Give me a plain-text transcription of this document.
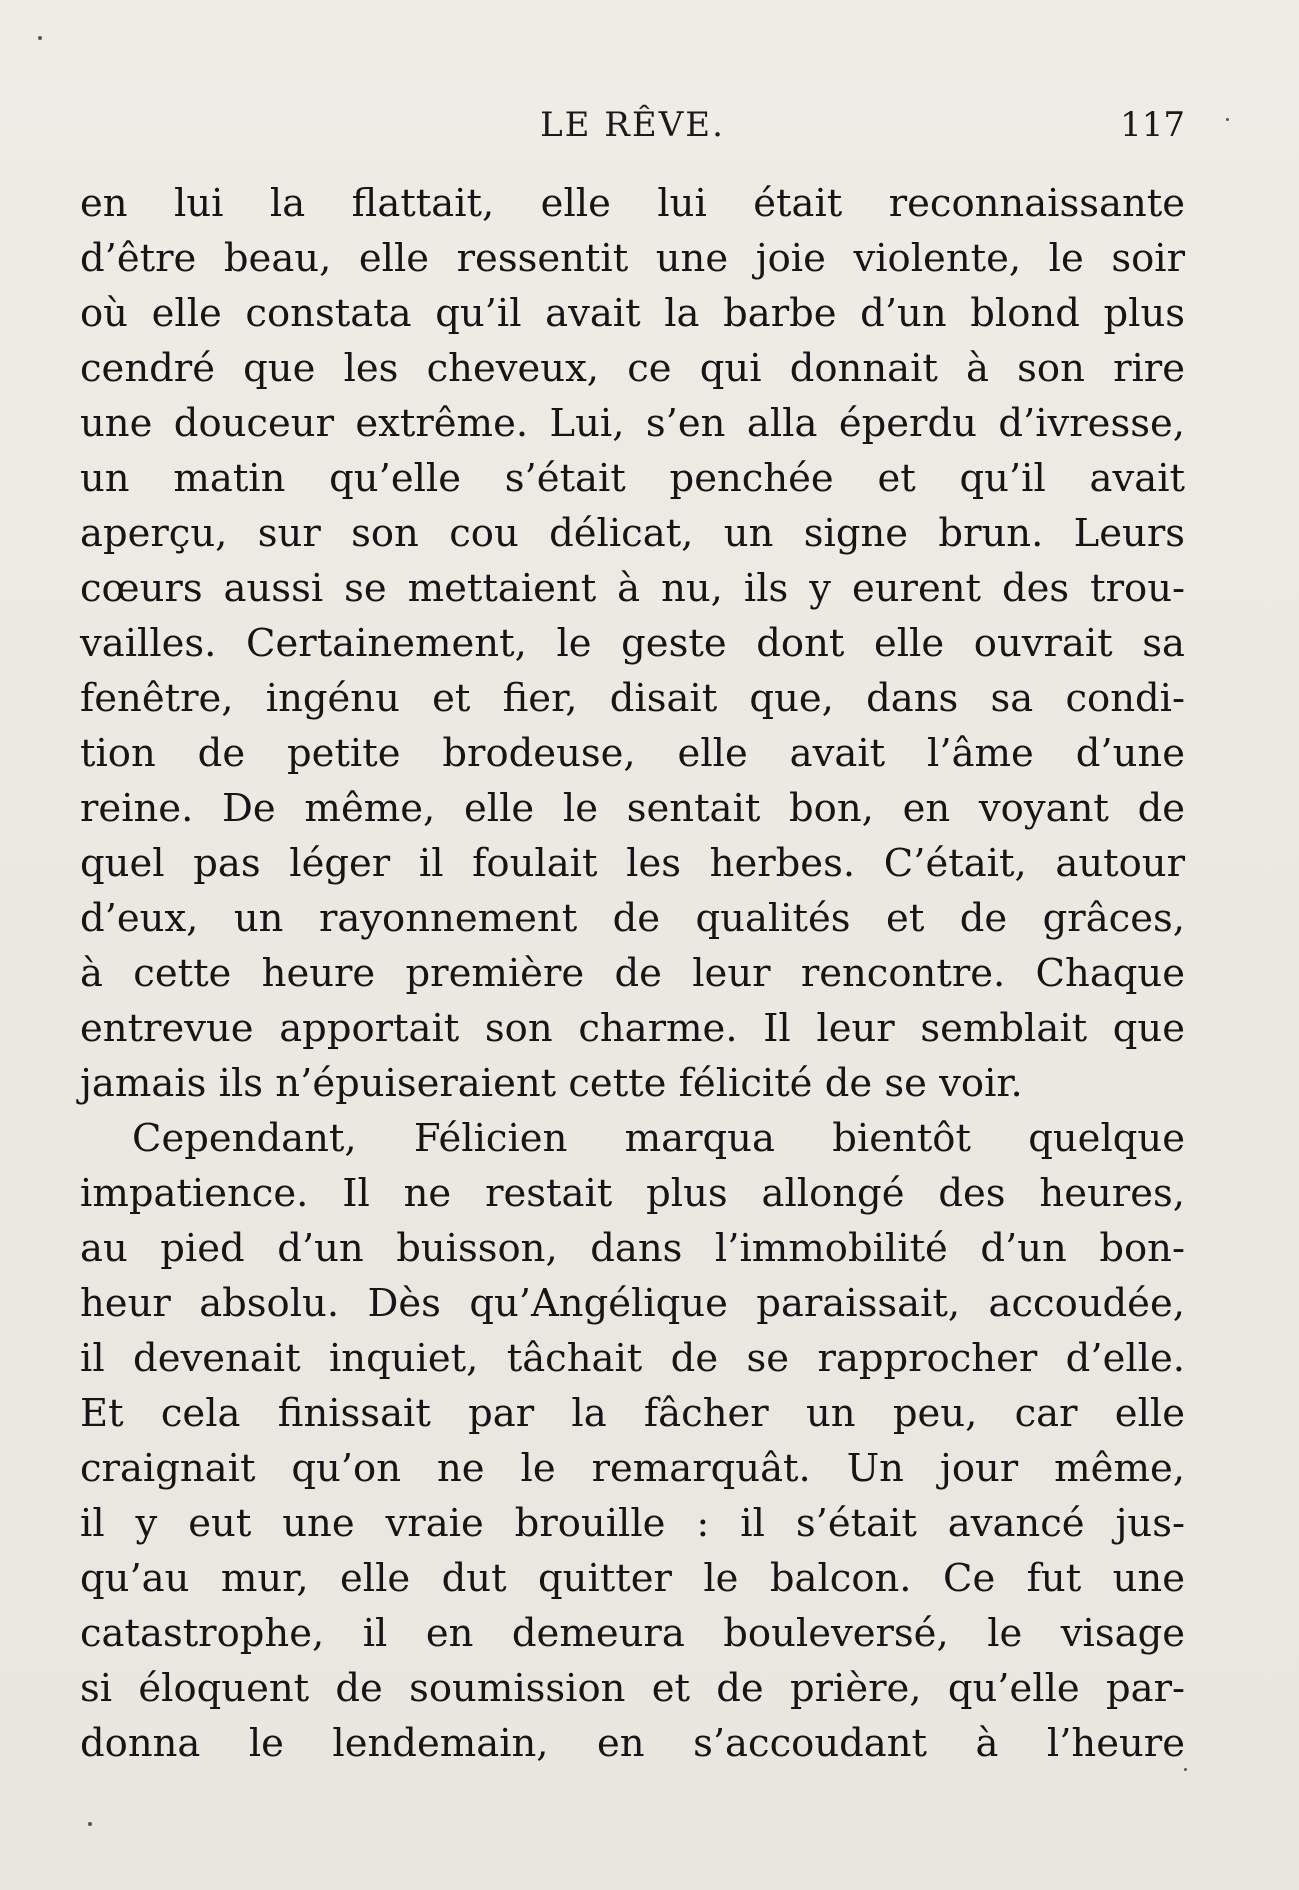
LE RÊVE.	117
en lui la flattait, elle lui était reconnaissante
d’être beau, elle ressentit une joie violente, le soir
où elle constata qu’il avait la barbe d’un blond plus
cendré que les cheveux, ce qui donnait à son rire
une douceur extrême. Lui, s’en alla éperdu d’ivresse,
un matin qu’elle s’était penchée et qu’il avait
aperçu, sur son cou délicat, un signe brun. Leurs
cœurs aussi se mettaient à nu, ils y eurent des trou-
vailles. Certainement, le geste dont elle ouvrait sa
fenêtre, ingénu et fier, disait que, dans sa condi-
tion de petite brodeuse, elle avait l’âme d’une
reine. De même, elle le sentait bon, en voyant de
quel pas léger il foulait les herbes. C’était, autour
d’eux, un rayonnement de qualités et de grâces,
à cette heure première de leur rencontre. Chaque
entrevue apportait son charme. Il leur semblait que
jamais ils n’épuiseraient cette félicité de se voir.
Cependant, Félicien marqua bientôt quelque
impatience. Il ne restait plus allongé des heures,
au pied d’un buisson, dans l’immobilité d’un bon-
heur absolu. Dès qu’Angélique paraissait, accoudée,
il devenait inquiet, tâchait de se rapprocher d’elle.
Et cela finissait par la fâcher un peu, car elle
craignait qu’on ne le remarquât. Un jour même,
il y eut une vraie brouille : il s’était avancé jus-
qu’au mur, elle dut quitter le balcon. Ce fut une
catastrophe, il en demeura bouleversé, le visage
si éloquent de soumission et de prière, qu’elle par-
donna le lendemain, en s’accoudant à l’heure
